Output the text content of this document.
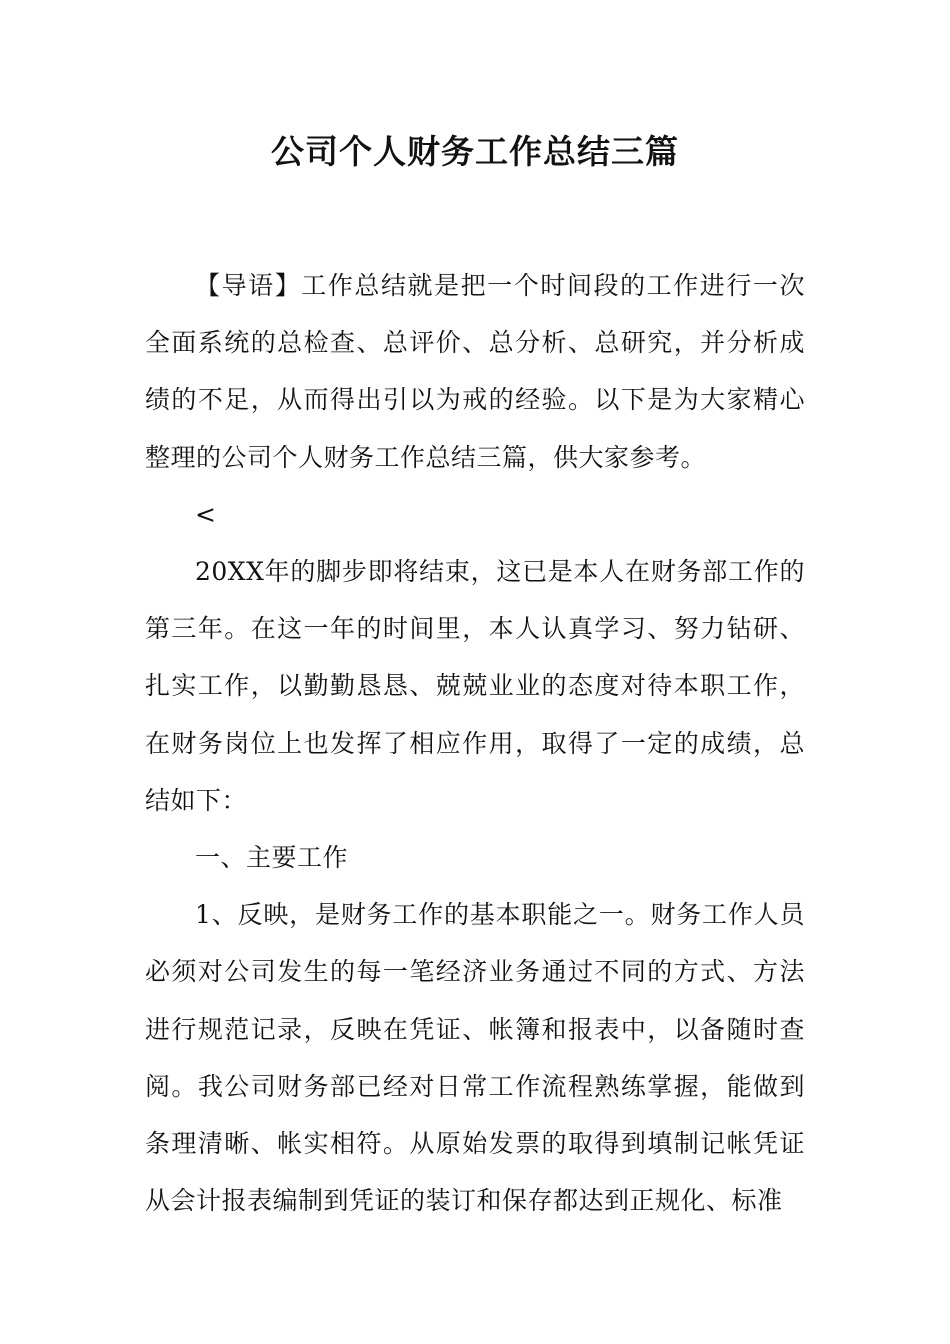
公司个人财务工作总结三篇

【导语】工作总结就是把一个时间段的工作进行一次全面系统的总检查、总评价、总分析、总研究，并分析成绩的不足，从而得出引以为戒的经验。以下是为大家精心整理的公司个人财务工作总结三篇，供大家参考。

<

20XX年的脚步即将结束，这已是本人在财务部工作的第三年。在这一年的时间里，本人认真学习、努力钻研、扎实工作，以勤勤恳恳、兢兢业业的态度对待本职工作，在财务岗位上也发挥了相应作用，取得了一定的成绩，总结如下：

一、主要工作

1、反映，是财务工作的基本职能之一。财务工作人员必须对公司发生的每一笔经济业务通过不同的方式、方法进行规范记录，反映在凭证、帐簿和报表中，以备随时查阅。我公司财务部已经对日常工作流程熟练掌握，能做到条理清晰、帐实相符。从原始发票的取得到填制记帐凭证从会计报表编制到凭证的装订和保存都达到正规化、标准
